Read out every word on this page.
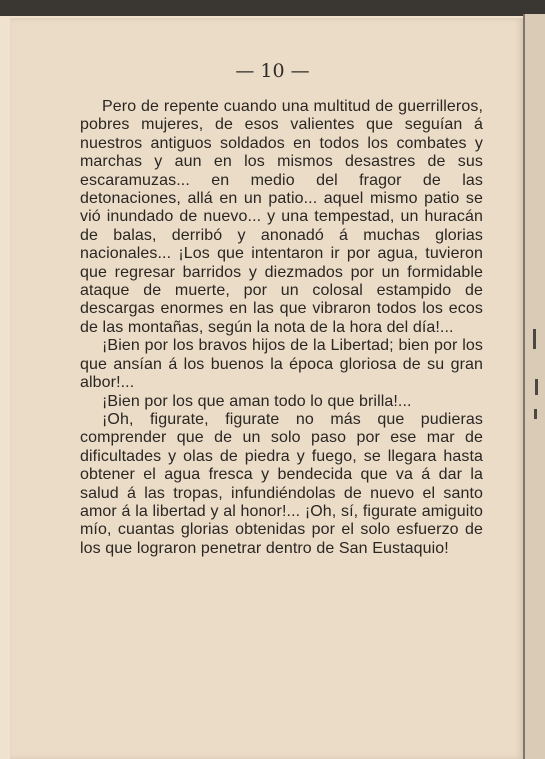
— 10 —

Pero de repente cuando una multitud de guerrilleros, pobres mujeres, de esos valientes que seguían á nuestros antiguos soldados en todos los combates y marchas y aun en los mismos desastres de sus escaramuzas... en medio del fragor de las detonaciones, allá en un patio... aquel mismo patio se vió inundado de nuevo... y una tempestad, un huracán de balas, derribó y anonadó á muchas glorias nacionales... ¡Los que intentaron ir por agua, tuvieron que regresar barridos y diezmados por un formidable ataque de muerte, por un colosal estampido de descargas enormes en las que vibraron todos los ecos de las montañas, según la nota de la hora del día!...

¡Bien por los bravos hijos de la Libertad; bien por los que ansían á los buenos la época gloriosa de su gran albor!...

¡Bien por los que aman todo lo que brilla!...

¡Oh, figurate, figurate no más que pudieras comprender que de un solo paso por ese mar de dificultades y olas de piedra y fuego, se llegara hasta obtener el agua fresca y bendecida que va á dar la salud á las tropas, infundiéndolas de nuevo el santo amor á la libertad y al honor!... ¡Oh, sí, figurate amiguito mío, cuantas glorias obtenidas por el solo esfuerzo de los que lograron penetrar dentro de San Eustaquio!
